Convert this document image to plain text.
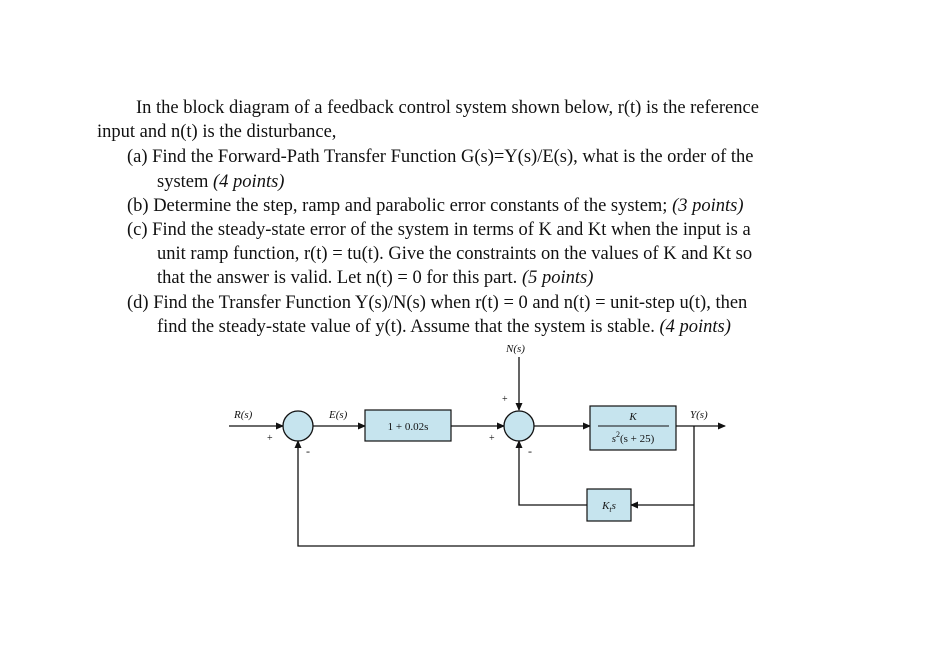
In the block diagram of a feedback control system shown below, r(t) is the reference
input and n(t) is the disturbance,
(a) Find the Forward-Path Transfer Function G(s)=Y(s)/E(s), what is the order of the
system (4 points)
(b) Determine the step, ramp and parabolic error constants of the system; (3 points)
(c) Find the steady-state error of the system in terms of K and Kt when the input is a
unit ramp function, r(t) = tu(t). Give the constraints on the values of K and Kt so
that the answer is valid. Let n(t) = 0 for this part. (5 points)
(d) Find the Transfer Function Y(s)/N(s) when r(t) = 0 and n(t) = unit-step u(t), then
find the steady-state value of y(t). Assume that the system is stable. (4 points)
N(s)
R(s)	E(s)	Y(s)
+
-
1 + 0.02s
+
+
-
K
$s^2(s + 25)$
$K_ts$
